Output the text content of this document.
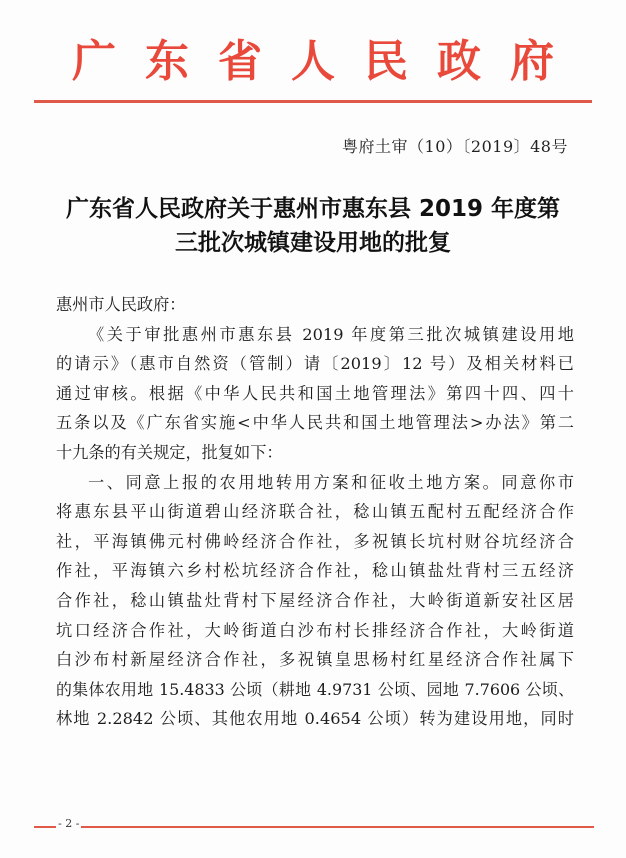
广 东 省 人 民 政 府
粤府土审（10）〔2019〕48号
广东省人民政府关于惠州市惠东县 2019 年度第
三批次城镇建设用地的批复
惠州市人民政府：
《关于审批惠州市惠东县 2019 年度第三批次城镇建设用地
的请示》（惠市自然资（管制）请〔2019〕12 号）及相关材料已
通过审核。根据《中华人民共和国土地管理法》第四十四、四十
五条以及《广东省实施<中华人民共和国土地管理法>办法》第二
十九条的有关规定，批复如下：
一、同意上报的农用地转用方案和征收土地方案。同意你市
将惠东县平山街道碧山经济联合社，稔山镇五配村五配经济合作
社，平海镇佛元村佛岭经济合作社，多祝镇长坑村财谷坑经济合
作社，平海镇六乡村松坑经济合作社，稔山镇盐灶背村三五经济
合作社，稔山镇盐灶背村下屋经济合作社，大岭街道新安社区居
坑口经济合作社，大岭街道白沙布村长排经济合作社，大岭街道
白沙布村新屋经济合作社，多祝镇皇思杨村红星经济合作社属下
的集体农用地 15.4833 公顷（耕地 4.9731 公顷、园地 7.7606 公顷、
林地 2.2842 公顷、其他农用地 0.4654 公顷）转为建设用地，同时
- 2 -
